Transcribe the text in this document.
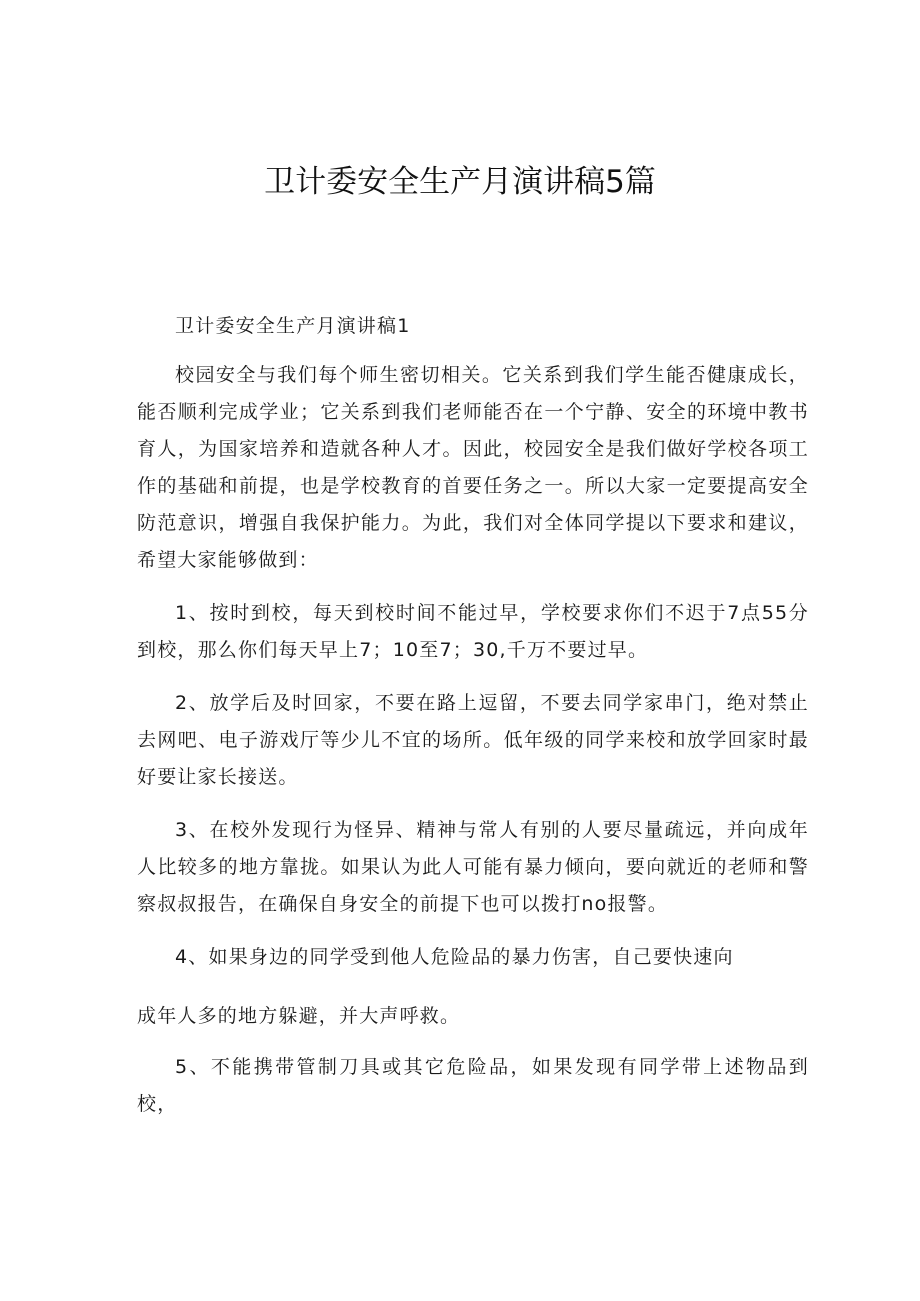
卫计委安全生产月演讲稿5篇

卫计委安全生产月演讲稿1

校园安全与我们每个师生密切相关。它关系到我们学生能否健康成长，能否顺利完成学业；它关系到我们老师能否在一个宁静、安全的环境中教书育人，为国家培养和造就各种人才。因此，校园安全是我们做好学校各项工作的基础和前提，也是学校教育的首要任务之一。所以大家一定要提高安全防范意识，增强自我保护能力。为此，我们对全体同学提以下要求和建议，希望大家能够做到：

1、按时到校，每天到校时间不能过早，学校要求你们不迟于7点55分到校，那么你们每天早上7；10至7；30,千万不要过早。

2、放学后及时回家，不要在路上逗留，不要去同学家串门，绝对禁止去网吧、电子游戏厅等少儿不宜的场所。低年级的同学来校和放学回家时最好要让家长接送。

3、在校外发现行为怪异、精神与常人有别的人要尽量疏远，并向成年人比较多的地方靠拢。如果认为此人可能有暴力倾向，要向就近的老师和警察叔叔报告，在确保自身安全的前提下也可以拨打no报警。

4、如果身边的同学受到他人危险品的暴力伤害，自己要快速向

成年人多的地方躲避，并大声呼救。

5、不能携带管制刀具或其它危险品，如果发现有同学带上述物品到校，
